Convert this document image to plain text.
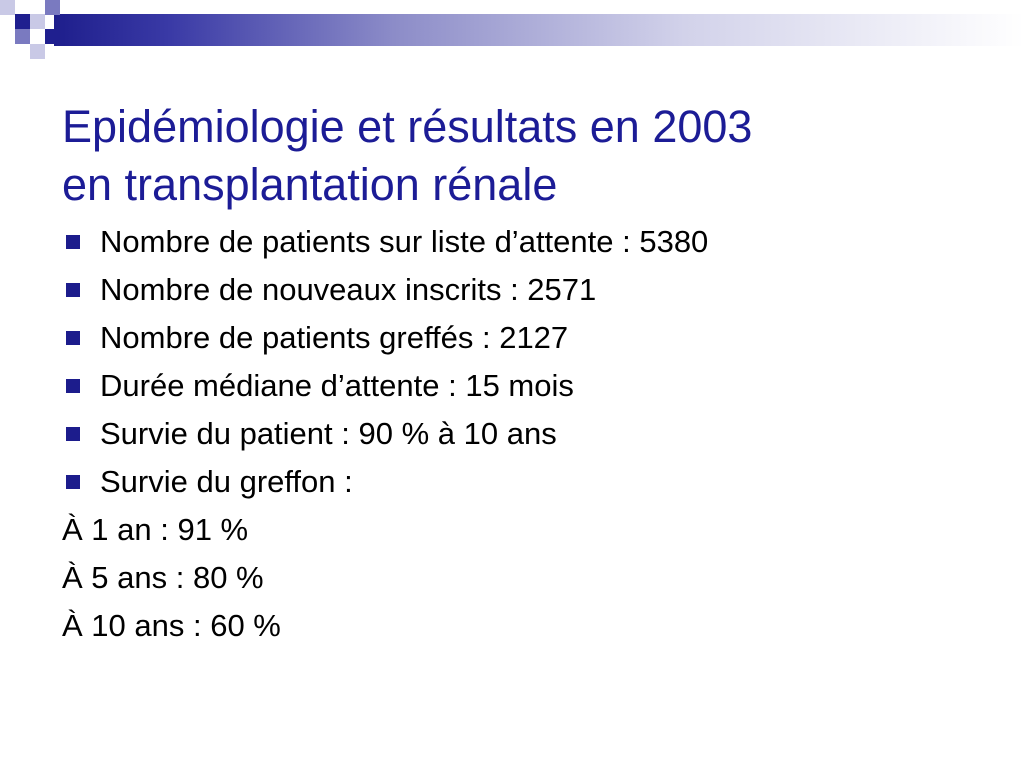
Epidémiologie et résultats en 2003
en transplantation rénale
Nombre de patients sur liste d’attente : 5380
Nombre de nouveaux inscrits : 2571
Nombre de patients greffés : 2127
Durée médiane d’attente : 15 mois
Survie du patient : 90 % à 10 ans
Survie du greffon :
À 1 an : 91 %
À 5 ans : 80 %
À 10 ans : 60 %
